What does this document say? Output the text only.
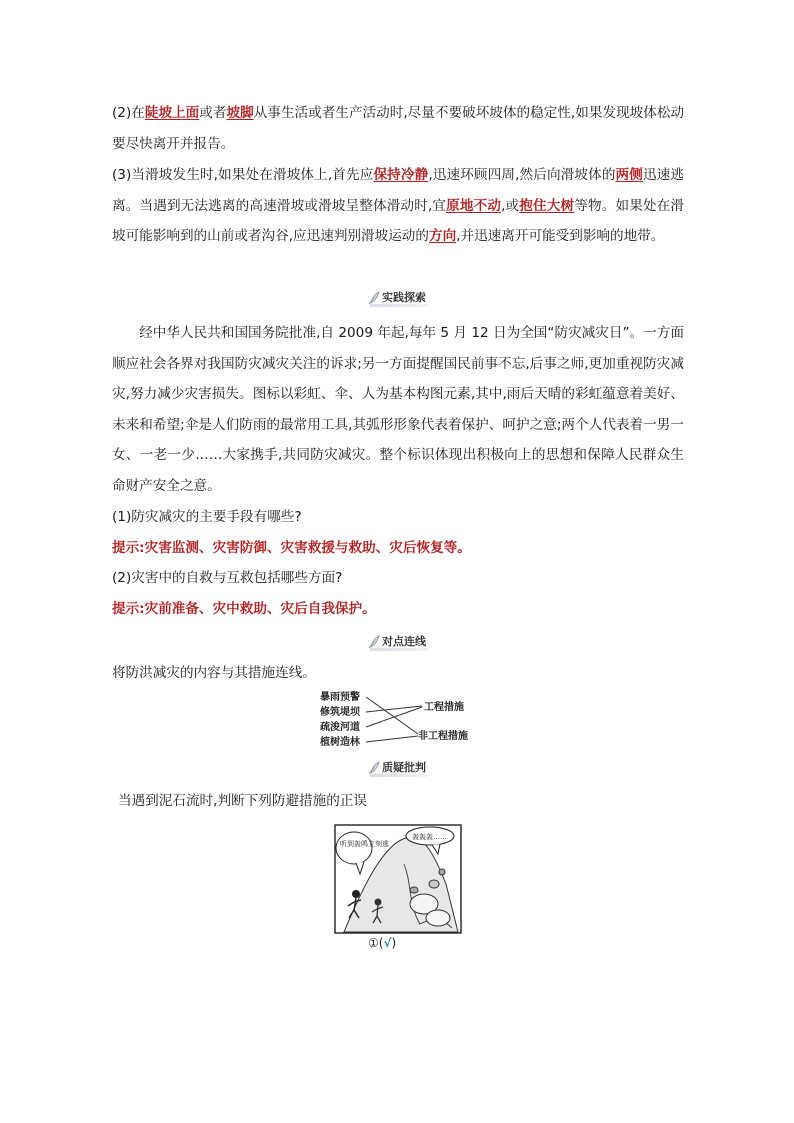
(2)在陡坡上面或者坡脚从事生活或者生产活动时,尽量不要破坏坡体的稳定性,如果发现坡体松动要尽快离开并报告。

(3)当滑坡发生时,如果处在滑坡体上,首先应保持冷静,迅速环顾四周,然后向滑坡体的两侧迅速逃离。当遇到无法逃离的高速滑坡或滑坡呈整体滑动时,宜原地不动,或抱住大树等物。如果处在滑坡可能影响到的山前或者沟谷,应迅速判别滑坡运动的方向,并迅速离开可能受到影响的地带。

实践探索

经中华人民共和国国务院批准,自 2009 年起,每年 5 月 12 日为全国“防灾减灾日”。一方面顺应社会各界对我国防灾减灾关注的诉求;另一方面提醒国民前事不忘,后事之师,更加重视防灾减灾,努力减少灾害损失。图标以彩虹、伞、人为基本构图元素,其中,雨后天晴的彩虹蕴意着美好、未来和希望;伞是人们防雨的最常用工具,其弧形形象代表着保护、呵护之意;两个人代表着一男一女、一老一少……大家携手,共同防灾减灾。整个标识体现出积极向上的思想和保障人民群众生命财产安全之意。

(1)防灾减灾的主要手段有哪些?

提示:灾害监测、灾害防御、灾害救援与救助、灾后恢复等。

(2)灾害中的自救与互救包括哪些方面?

提示:灾前准备、灾中救助、灾后自我保护。

对点连线

将防洪减灾的内容与其措施连线。

暴雨预警
修筑堤坝
疏浚河道
植树造林
工程措施
非工程措施
质疑批判

当遇到泥石流时,判断下列防避措施的正误

听到轰鸣立刻逃
轰轰轰……
①(√)
